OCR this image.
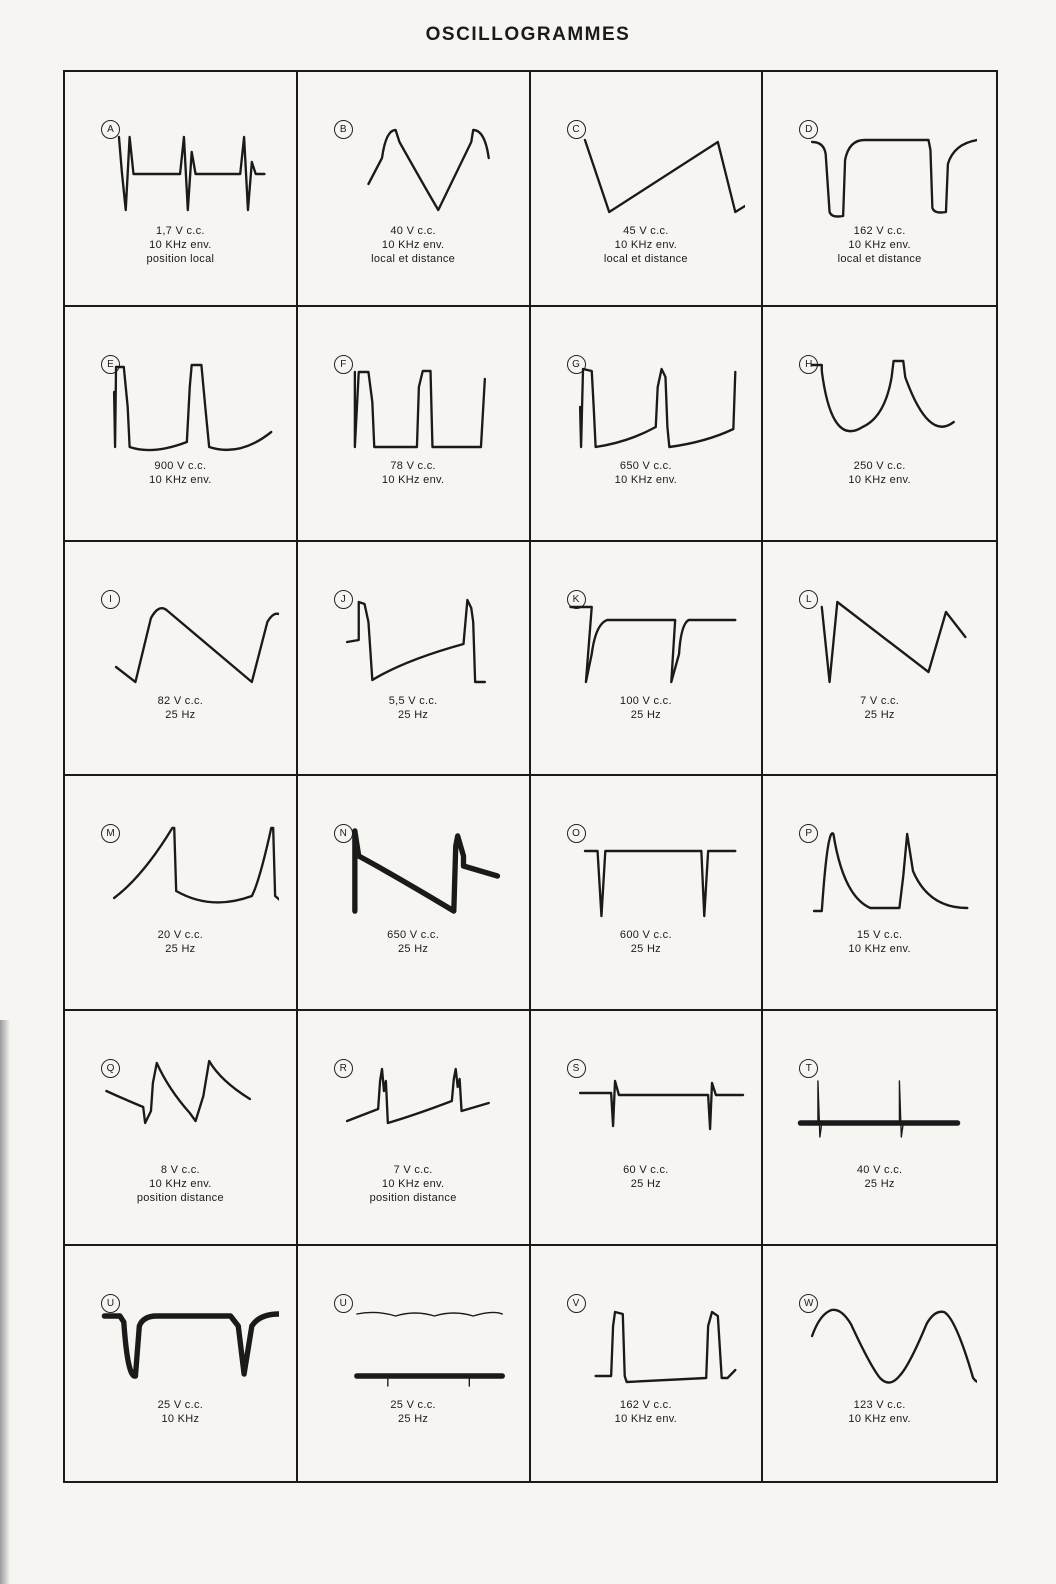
OSCILLOGRAMMES
A
1,7 V c.c.
10 KHz env.
position local
B
40 V c.c.
10 KHz env.
local et distance
C
45 V c.c.
10 KHz env.
local et distance
D
162 V c.c.
10 KHz env.
local et distance
E
900 V c.c.
10 KHz env.
F
78 V c.c.
10 KHz env.
G
650 V c.c.
10 KHz env.
H
250 V c.c.
10 KHz env.
I
82 V c.c.
25 Hz
J
5,5 V c.c.
25 Hz
K
100 V c.c.
25 Hz
L
7 V c.c.
25 Hz
M
20 V c.c.
25 Hz
N
650 V c.c.
25 Hz
O
600 V c.c.
25 Hz
P
15 V c.c.
10 KHz env.
Q
8 V c.c.
10 KHz env.
position distance
R
7 V c.c.
10 KHz env.
position distance
S
60 V c.c.
25 Hz
T
40 V c.c.
25 Hz
U
25 V c.c.
10 KHz
U
25 V c.c.
25 Hz
V
162 V c.c.
10 KHz env.
W
123 V c.c.
10 KHz env.
